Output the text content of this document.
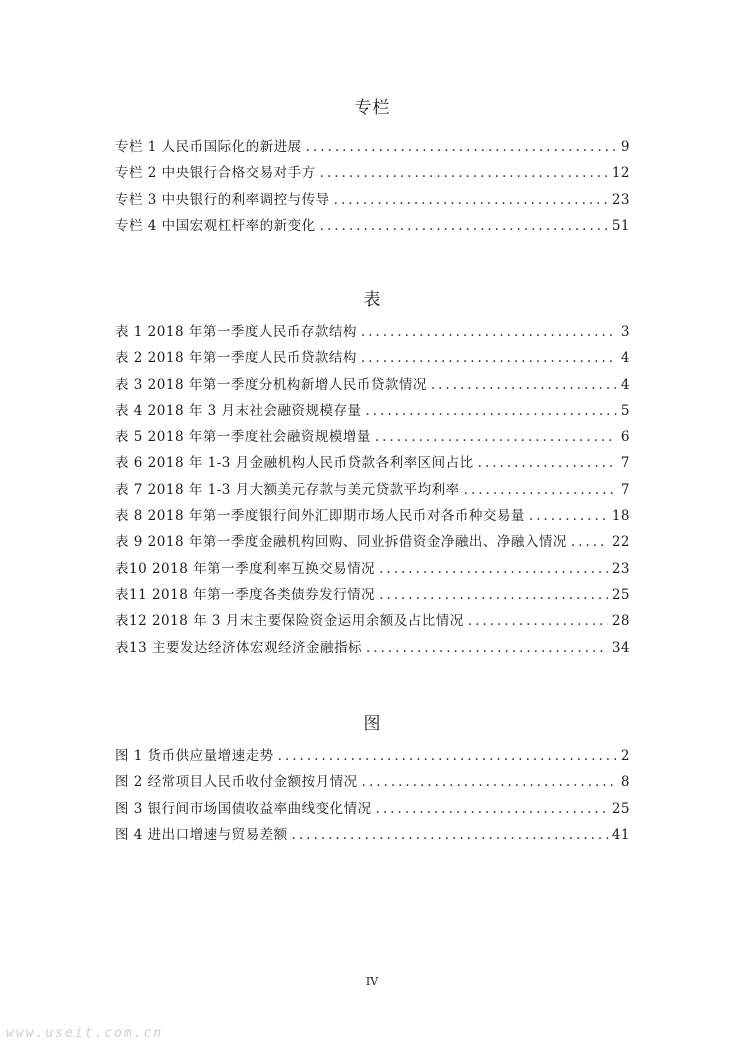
专栏
专栏 1 人民币国际化的新进展 .....	9
专栏 2 中央银行合格交易对手方 .....	12
专栏 3 中央银行的利率调控与传导 .....	23
专栏 4 中国宏观杠杆率的新变化 .....	51
表
表 1 2018 年第一季度人民币存款结构 .....	3
表 2 2018 年第一季度人民币贷款结构 .....	4
表 3 2018 年第一季度分机构新增人民币贷款情况 .....	4
表 4 2018 年 3 月末社会融资规模存量 .....	5
表 5 2018 年第一季度社会融资规模增量 .....	6
表 6 2018 年 1-3 月金融机构人民币贷款各利率区间占比 .....	7
表 7 2018 年 1-3 月大额美元存款与美元贷款平均利率 .....	7
表 8 2018 年第一季度银行间外汇即期市场人民币对各币种交易量 .....	18
表 9 2018 年第一季度金融机构回购、同业拆借资金净融出、净融入情况 .....	22
表10 2018 年第一季度利率互换交易情况 .....	23
表11 2018 年第一季度各类债券发行情况 .....	25
表12 2018 年 3 月末主要保险资金运用余额及占比情况 .....	28
表13 主要发达经济体宏观经济金融指标 .....	34
图
图 1 货币供应量增速走势 .....	2
图 2 经常项目人民币收付金额按月情况 .....	8
图 3 银行间市场国债收益率曲线变化情况 .....	25
图 4 进出口增速与贸易差额 .....	41
IV
www.useit.com.cn
